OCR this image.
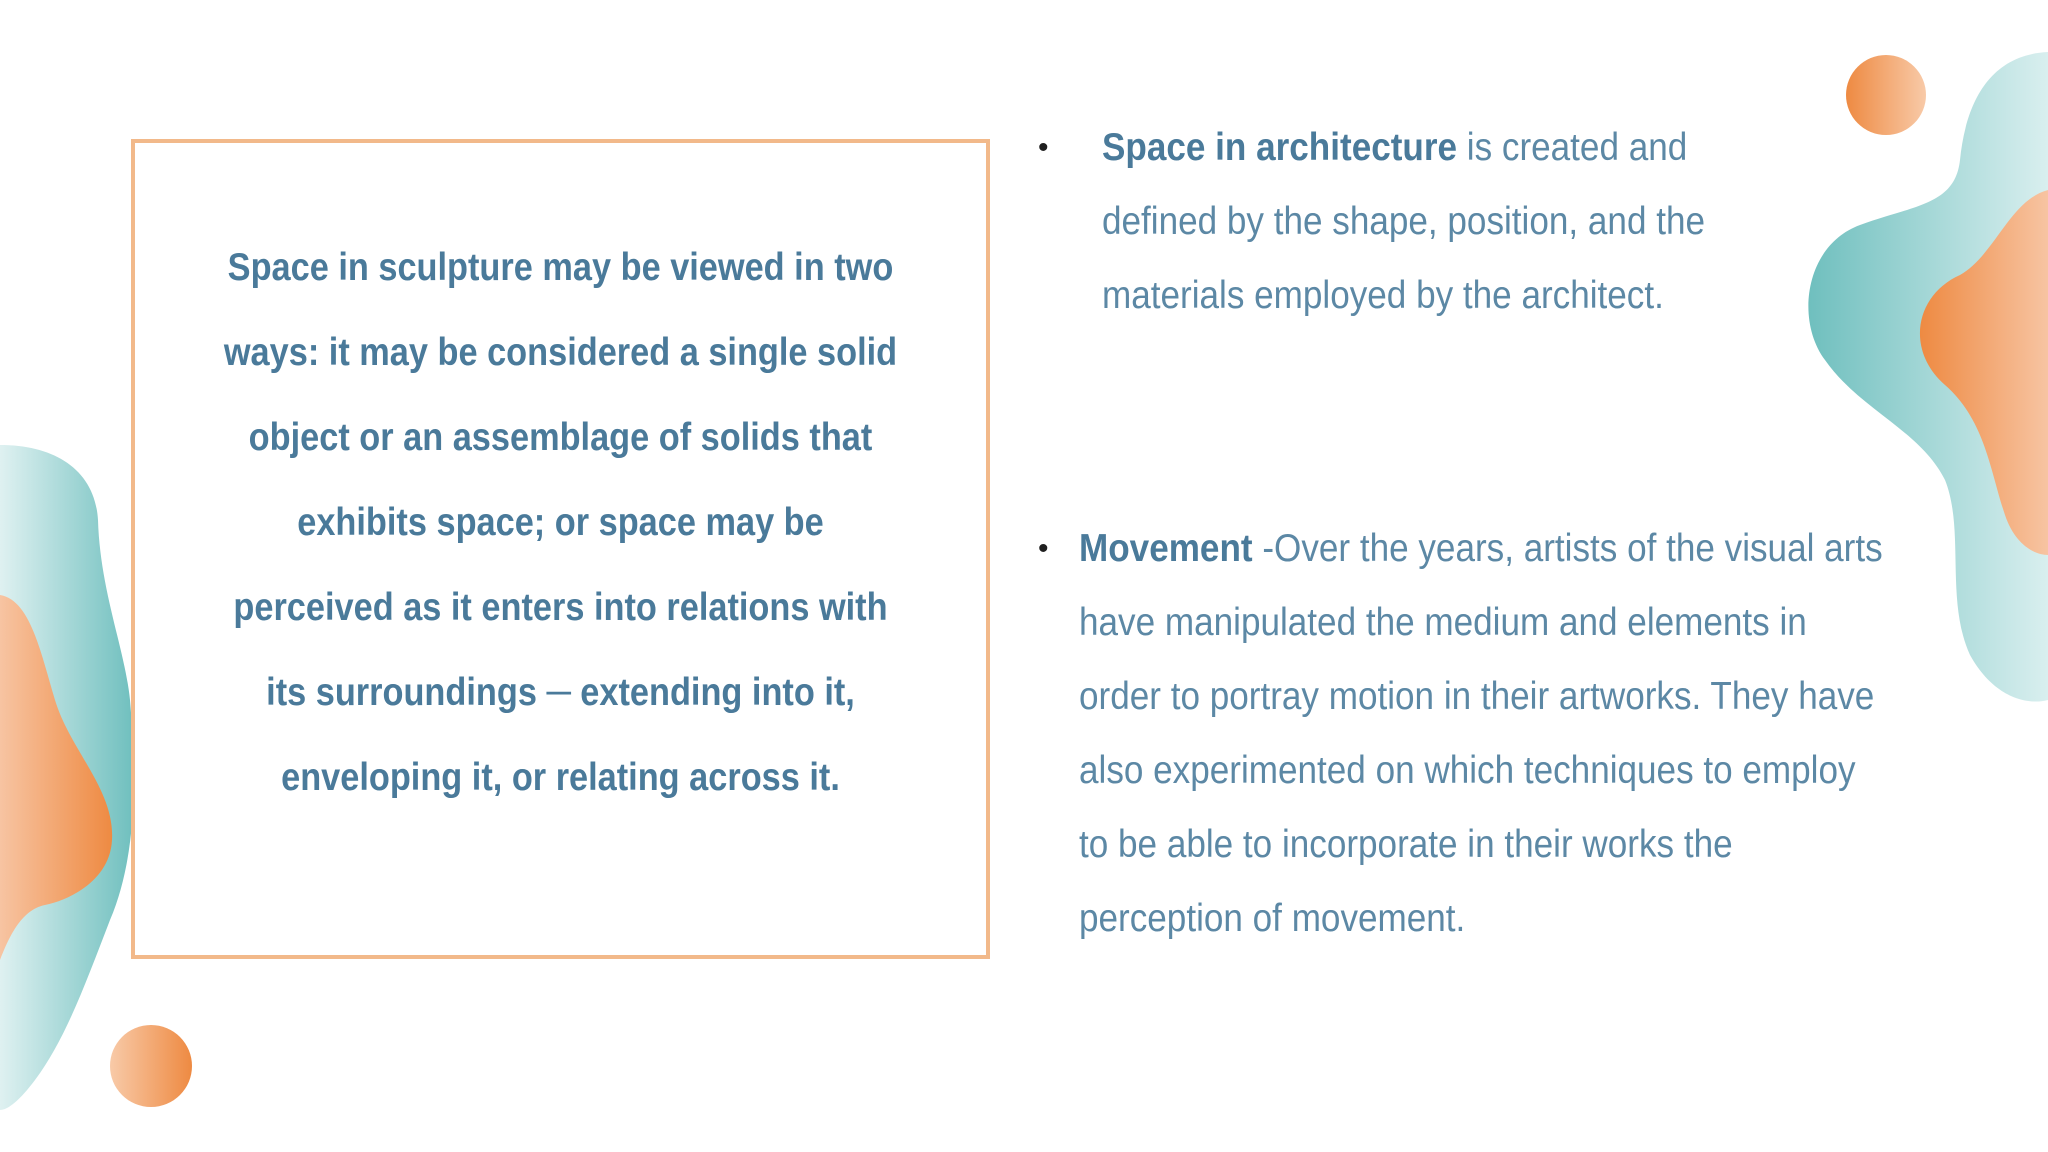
Space in sculpture may be viewed in two ways: it may be considered a single solid object or an assemblage of solids that exhibits space; or space may be perceived as it enters into relations with its surroundings ─ extending into it, enveloping it, or relating across it.

• Space in architecture is created and defined by the shape, position, and the materials employed by the architect.

• Movement -Over the years, artists of the visual arts have manipulated the medium and elements in order to portray motion in their artworks. They have also experimented on which techniques to employ to be able to incorporate in their works the perception of movement.
